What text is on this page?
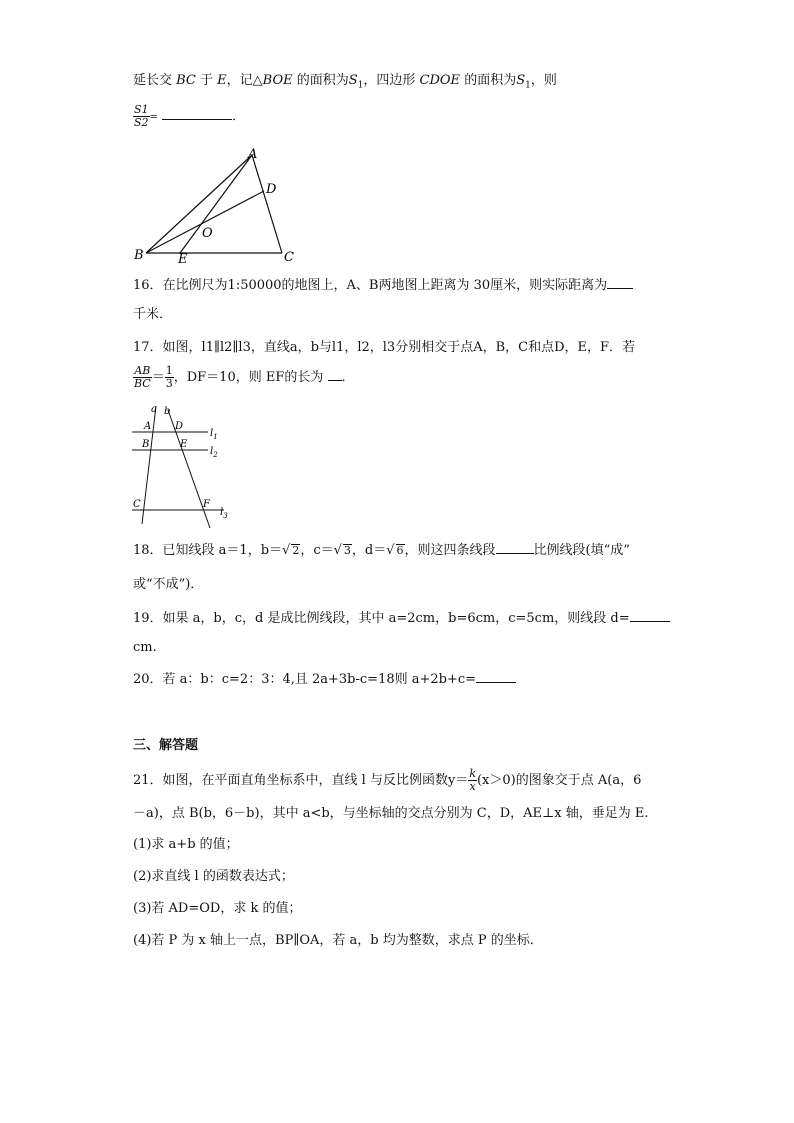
延长交 BC 于 E，记△BOE 的面积为$S_1$，四边形 CDOE 的面积为$S_1$，则
$\frac{S1}{S2}$ =	．
A
B	C
D
O
E
16．在比例尺为1:50000的地图上，A、B两地图上距离为 30厘米，则实际距离为
千米．
17．如图，l1∥l2∥l3，直线a，b与l1，l2，l3分别相交于点A，B，C和点D，E，F．若
$\frac{AB}{BC} = \frac{1}{3}$ ，DF＝10，则 EF的长为 ．
a b
A D
B	E
C	F
$l_1$
$l_2$
$l_3$
18．已知线段 a＝1，b＝√ 2，c＝√ 3，d＝√ 6，则这四条线段	比例线段(填“成”
或“不成”)．
19．如果 a，b，c，d 是成比例线段，其中 a=2cm，b=6cm，c=5cm，则线段 d=
cm.
20．若 a：b：c=2：3：4,且 2a+3b-c=18则 a+2b+c=
三、解答题
21．如图，在平面直角坐标系中，直线 l 与反比例函数$y= \frac{k}{x} (x>0)$的图象交于点 A(a，6
－a)，点 B(b，6－b)，其中 a<b，与坐标轴的交点分别为 C，D，AE⊥x 轴，垂足为 E.
(1)求 a+b 的值；
(2)求直线 l 的函数表达式；
(3)若 AD=OD，求 k 的值；
(4)若 P 为 x 轴上一点，BP∥OA，若 a，b 均为整数，求点 P 的坐标．
